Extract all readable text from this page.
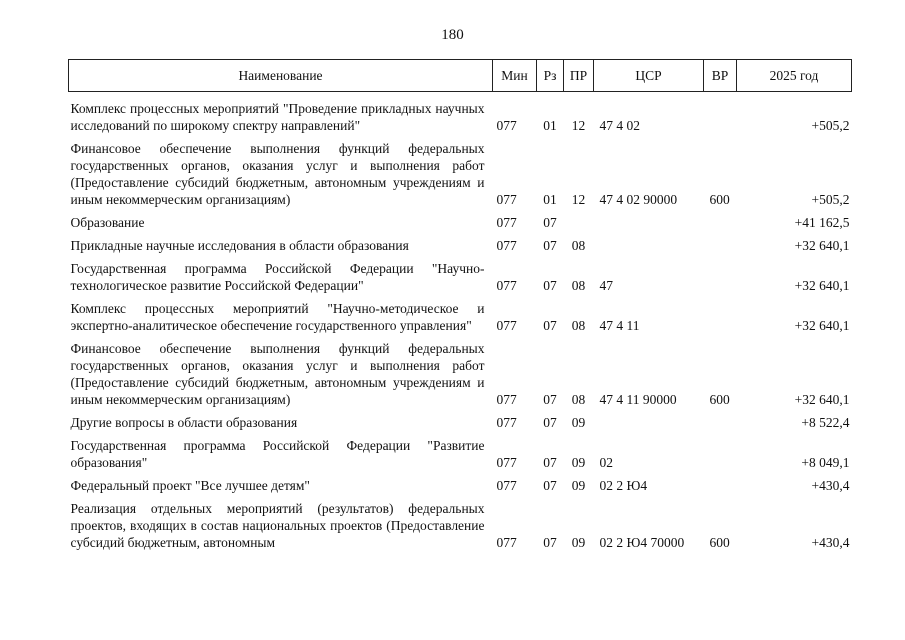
180
Наименование	Мин	Рз	ПР	ЦСР	ВР	2025 год
Комплекс процессных мероприятий "Проведение прикладных научных исследований по широкому спектру направлений"	077	01	12	47 4 02		+505,2
Финансовое обеспечение выполнения функций федеральных государственных органов, оказания услуг и выполнения работ (Предоставление субсидий бюджетным, автономным учреждениям и иным некоммерческим организациям)	077	01	12	47 4 02 90000	600	+505,2
Образование	077	07				+41 162,5
Прикладные научные исследования в области образования	077	07	08			+32 640,1
Государственная программа Российской Федерации "Научно-технологическое развитие Российской Федерации"	077	07	08	47		+32 640,1
Комплекс процессных мероприятий "Научно-методическое и экспертно-аналитическое обеспечение государственного управления"	077	07	08	47 4 11		+32 640,1
Финансовое обеспечение выполнения функций федеральных государственных органов, оказания услуг и выполнения работ (Предоставление субсидий бюджетным, автономным учреждениям и иным некоммерческим организациям)	077	07	08	47 4 11 90000	600	+32 640,1
Другие вопросы в области образования	077	07	09			+8 522,4
Государственная программа Российской Федерации "Развитие образования"	077	07	09	02		+8 049,1
Федеральный проект "Все лучшее детям"	077	07	09	02 2 Ю4		+430,4
Реализация отдельных мероприятий (результатов) федеральных проектов, входящих в состав национальных проектов (Предоставление субсидий бюджетным, автономным	077	07	09	02 2 Ю4 70000	600	+430,4
